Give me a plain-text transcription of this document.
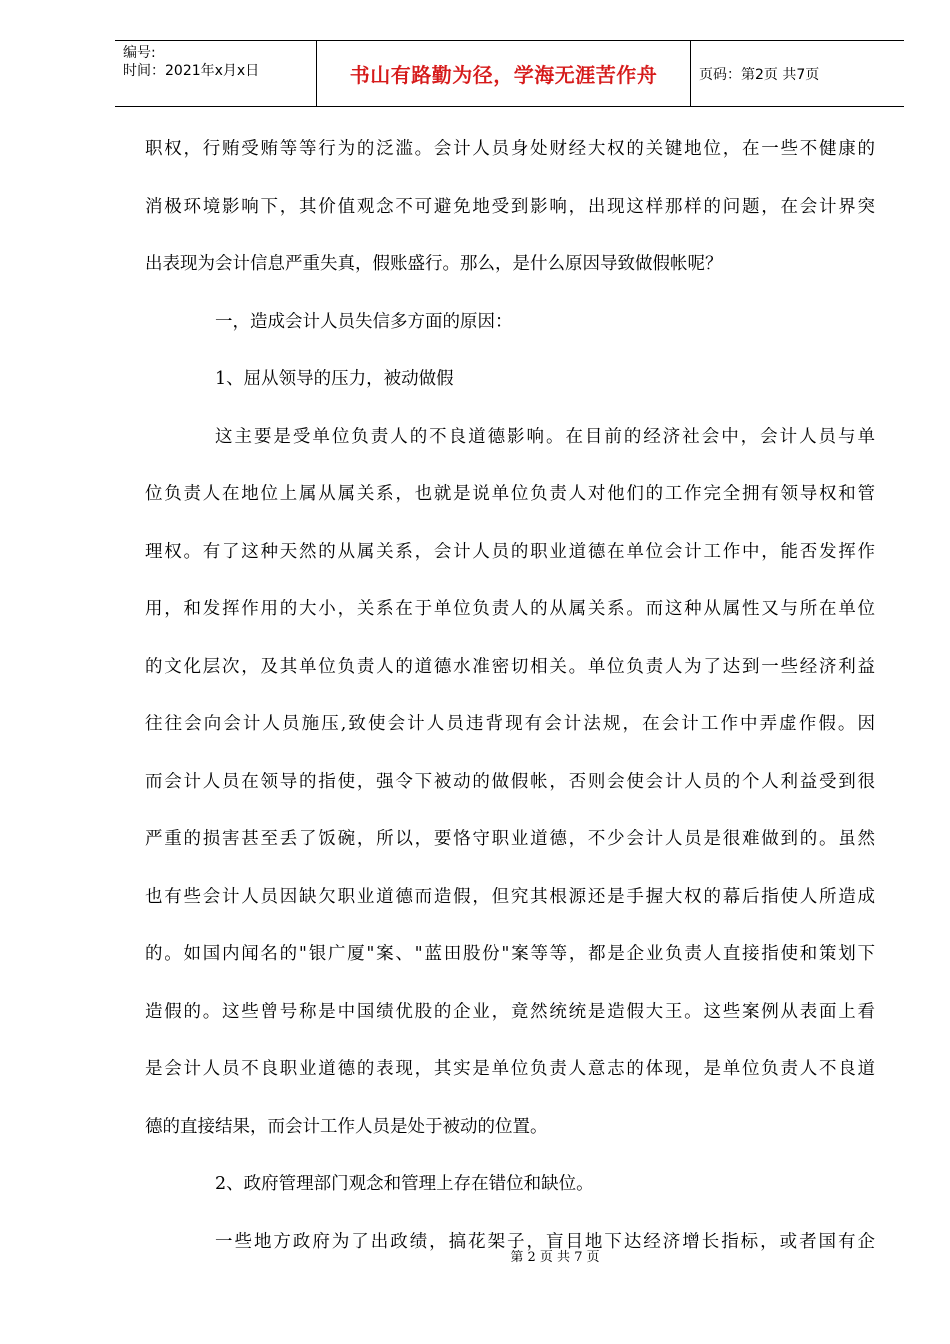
编号:
时间：2021年x月x日	书山有路勤为径，学海无涯苦作舟	页码：第2页 共7页
职权，行贿受贿等等行为的泛滥。会计人员身处财经大权的关键地位，在一些不健康的
消极环境影响下，其价值观念不可避免地受到影响，出现这样那样的问题，在会计界突
出表现为会计信息严重失真，假账盛行。那么，是什么原因导致做假帐呢？
一，造成会计人员失信多方面的原因：
1、屈从领导的压力，被动做假
这主要是受单位负责人的不良道德影响。在目前的经济社会中，会计人员与单
位负责人在地位上属从属关系，也就是说单位负责人对他们的工作完全拥有领导权和管
理权。有了这种天然的从属关系，会计人员的职业道德在单位会计工作中，能否发挥作
用，和发挥作用的大小，关系在于单位负责人的从属关系。而这种从属性又与所在单位
的文化层次，及其单位负责人的道德水准密切相关。单位负责人为了达到一些经济利益
往往会向会计人员施压,致使会计人员违背现有会计法规，在会计工作中弄虚作假。因
而会计人员在领导的指使，强令下被动的做假帐，否则会使会计人员的个人利益受到很
严重的损害甚至丢了饭碗，所以，要恪守职业道德，不少会计人员是很难做到的。虽然
也有些会计人员因缺欠职业道德而造假，但究其根源还是手握大权的幕后指使人所造成
的。如国内闻名的"银广厦"案、"蓝田股份"案等等，都是企业负责人直接指使和策划下
造假的。这些曾号称是中国绩优股的企业，竟然统统是造假大王。这些案例从表面上看
是会计人员不良职业道德的表现，其实是单位负责人意志的体现，是单位负责人不良道
德的直接结果，而会计工作人员是处于被动的位置。
2、政府管理部门观念和管理上存在错位和缺位。
一些地方政府为了出政绩，搞花架子，盲目地下达经济增长指标，或者国有企
第 2 页 共 7 页
